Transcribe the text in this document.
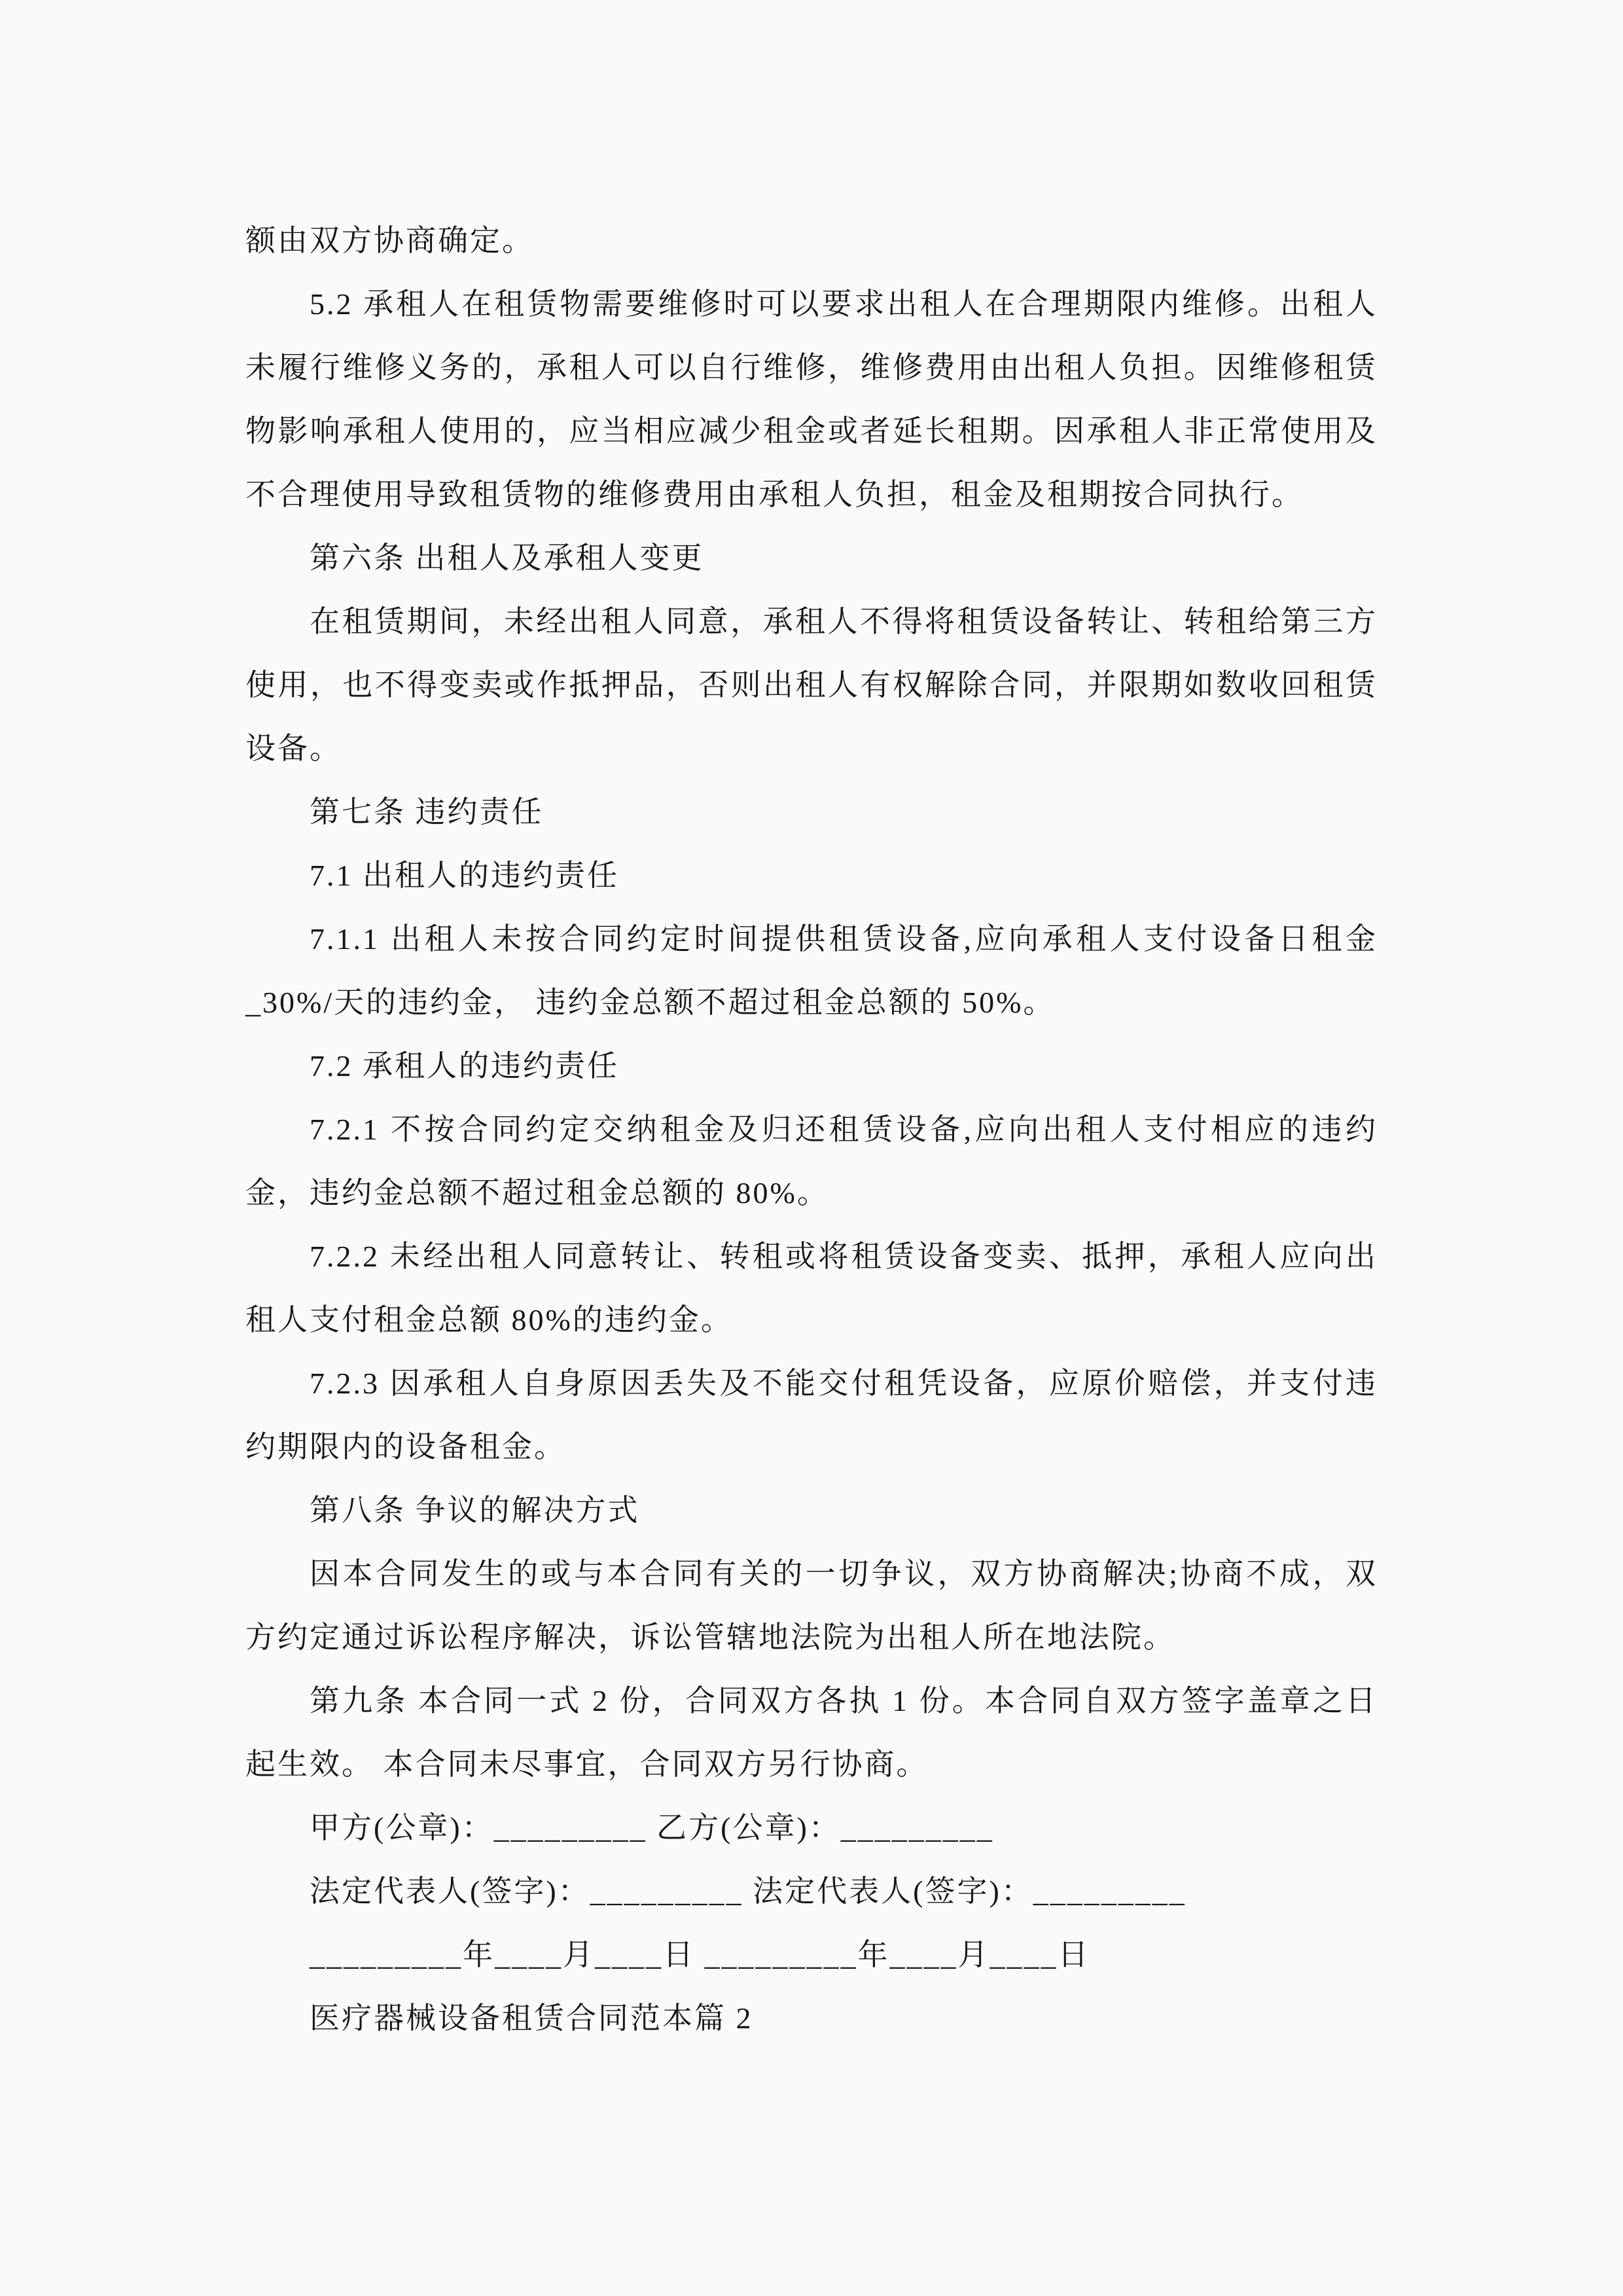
额由双方协商确定。
5.2 承租人在租赁物需要维修时可以要求出租人在合理期限内维修。出租人
未履行维修义务的，承租人可以自行维修，维修费用由出租人负担。因维修租赁
物影响承租人使用的，应当相应减少租金或者延长租期。因承租人非正常使用及
不合理使用导致租赁物的维修费用由承租人负担，租金及租期按合同执行。
第六条 出租人及承租人变更
在租赁期间，未经出租人同意，承租人不得将租赁设备转让、转租给第三方
使用，也不得变卖或作抵押品，否则出租人有权解除合同，并限期如数收回租赁
设备。
第七条 违约责任
7.1 出租人的违约责任
7.1.1 出租人未按合同约定时间提供租赁设备,应向承租人支付设备日租金
_30%/天的违约金， 违约金总额不超过租金总额的 50%。
7.2 承租人的违约责任
7.2.1 不按合同约定交纳租金及归还租赁设备,应向出租人支付相应的违约
金，违约金总额不超过租金总额的 80%。
7.2.2 未经出租人同意转让、转租或将租赁设备变卖、抵押，承租人应向出
租人支付租金总额 80%的违约金。
7.2.3 因承租人自身原因丢失及不能交付租凭设备，应原价赔偿，并支付违
约期限内的设备租金。
第八条 争议的解决方式
因本合同发生的或与本合同有关的一切争议，双方协商解决;协商不成，双
方约定通过诉讼程序解决，诉讼管辖地法院为出租人所在地法院。
第九条 本合同一式 2 份，合同双方各执 1 份。本合同自双方签字盖章之日
起生效。 本合同未尽事宜，合同双方另行协商。
甲方(公章)：_________ 乙方(公章)：_________
法定代表人(签字)：_________ 法定代表人(签字)：_________
_________年____月____日 _________年____月____日
医疗器械设备租赁合同范本篇 2
